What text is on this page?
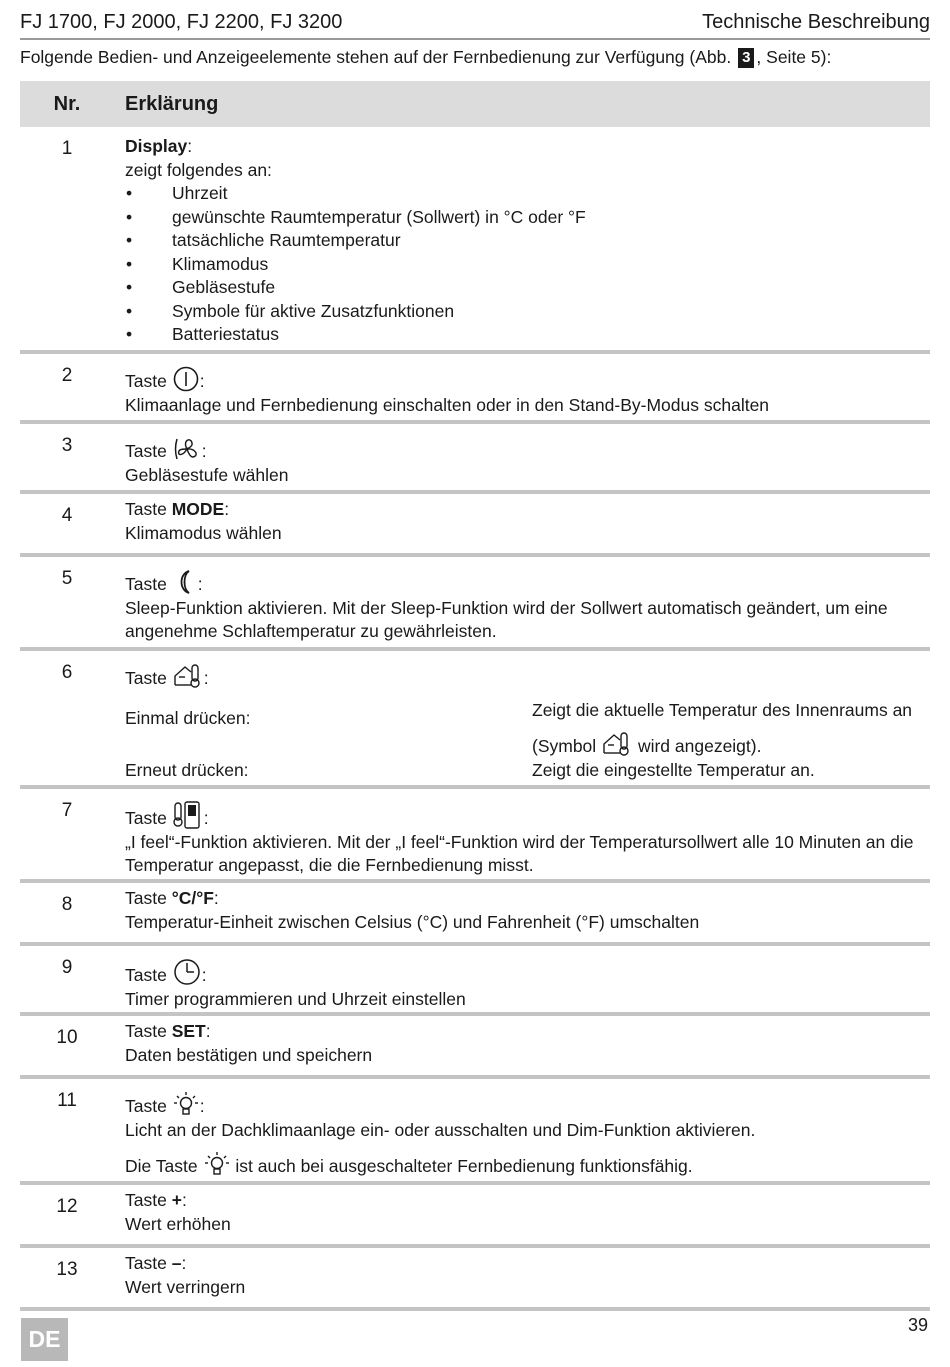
FJ 1700, FJ 2000, FJ 2200, FJ 3200	Technische Beschreibung
Folgende Bedien- und Anzeigeelemente stehen auf der Fernbedienung zur Verfügung (Abb. 3 , Seite 5):
Nr.	Erklärung
1	Display:
zeigt folgendes an:
• Uhrzeit
• gewünschte Raumtemperatur (Sollwert) in °C oder °F
• tatsächliche Raumtemperatur
• Klimamodus
• Gebläsestufe
• Symbole für aktive Zusatzfunktionen
• Batteriestatus
2	Taste :
Klimaanlage und Fernbedienung einschalten oder in den Stand-By-Modus schalten
3	Taste :
Gebläsestufe wählen
4	Taste MODE:
Klimamodus wählen
5	Taste :
Sleep-Funktion aktivieren. Mit der Sleep-Funktion wird der Sollwert automatisch geändert, um eine angenehme Schlaftemperatur zu gewährleisten.
6	Taste :
Einmal drücken:	Zeigt die aktuelle Temperatur des Innenraums an
(Symbol wird angezeigt).
Erneut drücken:	Zeigt die eingestellte Temperatur an.
7	Taste :
„I feel“-Funktion aktivieren. Mit der „I feel“-Funktion wird der Temperatursollwert alle 10 Minuten an die Temperatur angepasst, die die Fernbedienung misst.
8	Taste °C/°F:
Temperatur-Einheit zwischen Celsius (°C) und Fahrenheit (°F) umschalten
9	Taste :
Timer programmieren und Uhrzeit einstellen
10	Taste SET:
Daten bestätigen und speichern
11	Taste :
Licht an der Dachklimaanlage ein- oder ausschalten und Dim-Funktion aktivieren.
Die Taste ist auch bei ausgeschalteter Fernbedienung funktionsfähig.
12	Taste +:
Wert erhöhen
13	Taste –:
Wert verringern
DE
39
